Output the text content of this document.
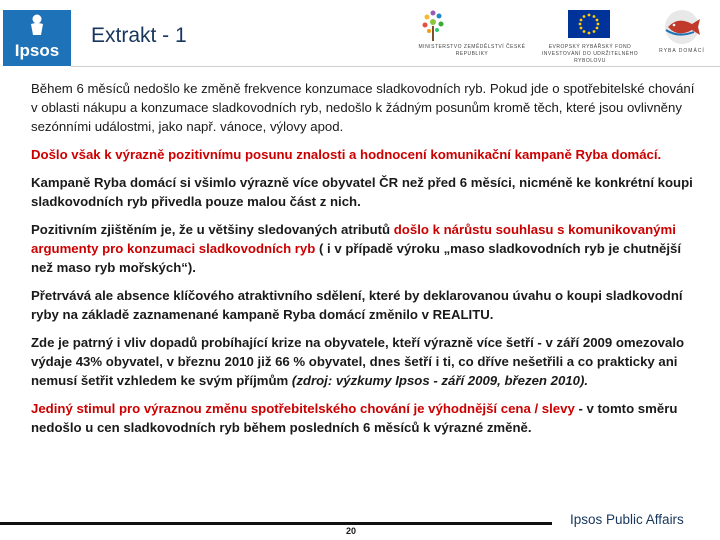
Ipsos
Extrakt - 1	MINISTERSTVO ZEMĚDĚLSTVÍ ČESKÉ REPUBLIKY
EVROPSKÝ RYBÁŘSKÝ FOND INVESTOVÁNÍ DO UDRŽITELNÉHO RYBOLOVU
RYBA DOMÁCÍ

Během 6 měsíců nedošlo ke změně frekvence konzumace sladkovodních ryb. Pokud jde o spotřebitelské chování v oblasti nákupu a konzumace sladkovodních ryb, nedošlo k žádným posunům kromě těch, které jsou ovlivněny sezónními událostmi, jako např. vánoce, výlovy apod.

Došlo však k výrazně pozitivnímu posunu znalosti a hodnocení komunikační kampaně Ryba domácí.

Kampaně Ryba domácí si všimlo výrazně více obyvatel ČR než před 6 měsíci, nicméně ke konkrétní koupi sladkovodních ryb přivedla pouze malou část z nich.

Pozitivním zjištěním je, že u většiny sledovaných atributů došlo k nárůstu souhlasu s komunikovanými argumenty pro konzumaci sladkovodních ryb ( i v případě výroku „maso sladkovodních ryb je chutnější než maso ryb mořských“).

Přetrvává ale absence klíčového atraktivního sdělení, které by deklarovanou úvahu o koupi sladkovodní ryby na základě zaznamenané kampaně Ryba domácí změnilo v REALITU.

Zde je patrný i vliv dopadů probíhající krize na obyvatele, kteří výrazně více šetří - v září 2009 omezovalo výdaje 43% obyvatel, v březnu 2010 již 66 % obyvatel, dnes šetří i ti, co dříve nešetřili a co prakticky ani nemusí šetřit vzhledem ke svým příjmům (zdroj: výzkumy Ipsos - září 2009, březen 2010).

Jediný stimul pro výraznou změnu spotřebitelského chování je výhodnější cena / slevy - v tomto směru nedošlo u cen sladkovodních ryb během posledních 6 měsíců k výrazné změně.

20
Ipsos Public Affairs
